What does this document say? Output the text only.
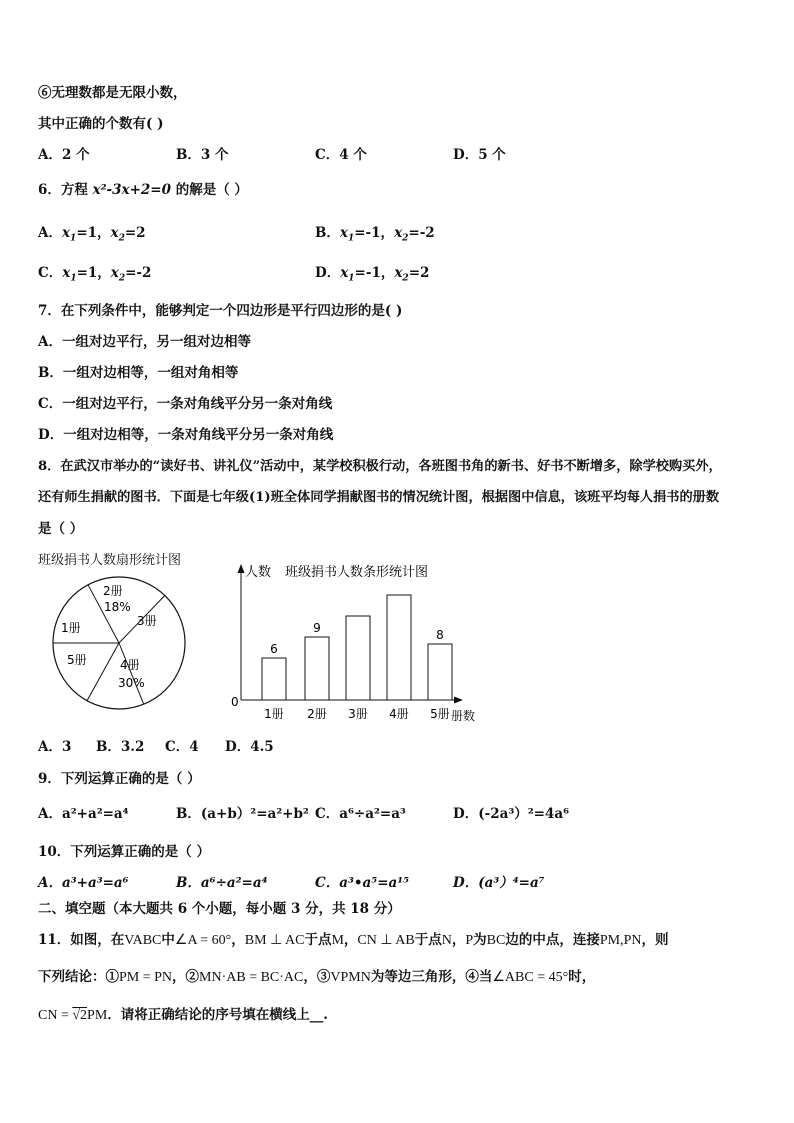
⑥无理数都是无限小数，
其中正确的个数有( )
A．2 个	B．3 个	C．4 个	D．5 个
6．方程 x²-3x+2=0 的解是（ ）
A．$x_1=1$，$x_2=2$	B．$x_1=-1$，$x_2=-2$
C．$x_1=1$，$x_2=-2$	D．$x_1=-1$，$x_2=2$
7．在下列条件中，能够判定一个四边形是平行四边形的是( )
A．一组对边平行，另一组对边相等
B．一组对边相等，一组对角相等
C．一组对边平行，一条对角线平分另一条对角线
D．一组对边相等，一条对角线平分另一条对角线
8．在武汉市举办的“读好书、讲礼仪”活动中，某学校积极行动，各班图书角的新书、好书不断增多，除学校购买外，
还有师生捐献的图书．下面是七年级(1)班全体同学捐献图书的情况统计图，根据图中信息，该班平均每人捐书的册数
是（ ）
班级捐书人数扇形统计图
2册
18%
3册
4册
30%
5册
1册
人数 班级捐书人数条形统计图
0
册数
1册
6
2册
9
3册 4册 5册
8
A．3 B．3.2 C．4 D．4.5
9．下列运算正确的是（ ）
A．a²+a²=a⁴	B．(a+b）²=a²+b² C．a⁶÷a²=a³	D．(-2a³）²=4a⁶
10．下列运算正确的是（ ）
A．a³+a³=a⁶	B．a⁶÷a²=a⁴	C．a³•a⁵=a¹⁵	D．(a³）⁴=a⁷
二、填空题（本大题共 6 个小题，每小题 3 分，共 18 分）
11．如图，在VABC中∠A = 60°，BM ⊥ AC于点M，CN ⊥ AB于点N，P为BC边的中点，连接PM,PN，则
下列结论：①PM = PN，②MN·AB = BC·AC，③VPMN为等边三角形，④当∠ABC = 45°时，
CN = √2PM．请将正确结论的序号填在横线上__.
